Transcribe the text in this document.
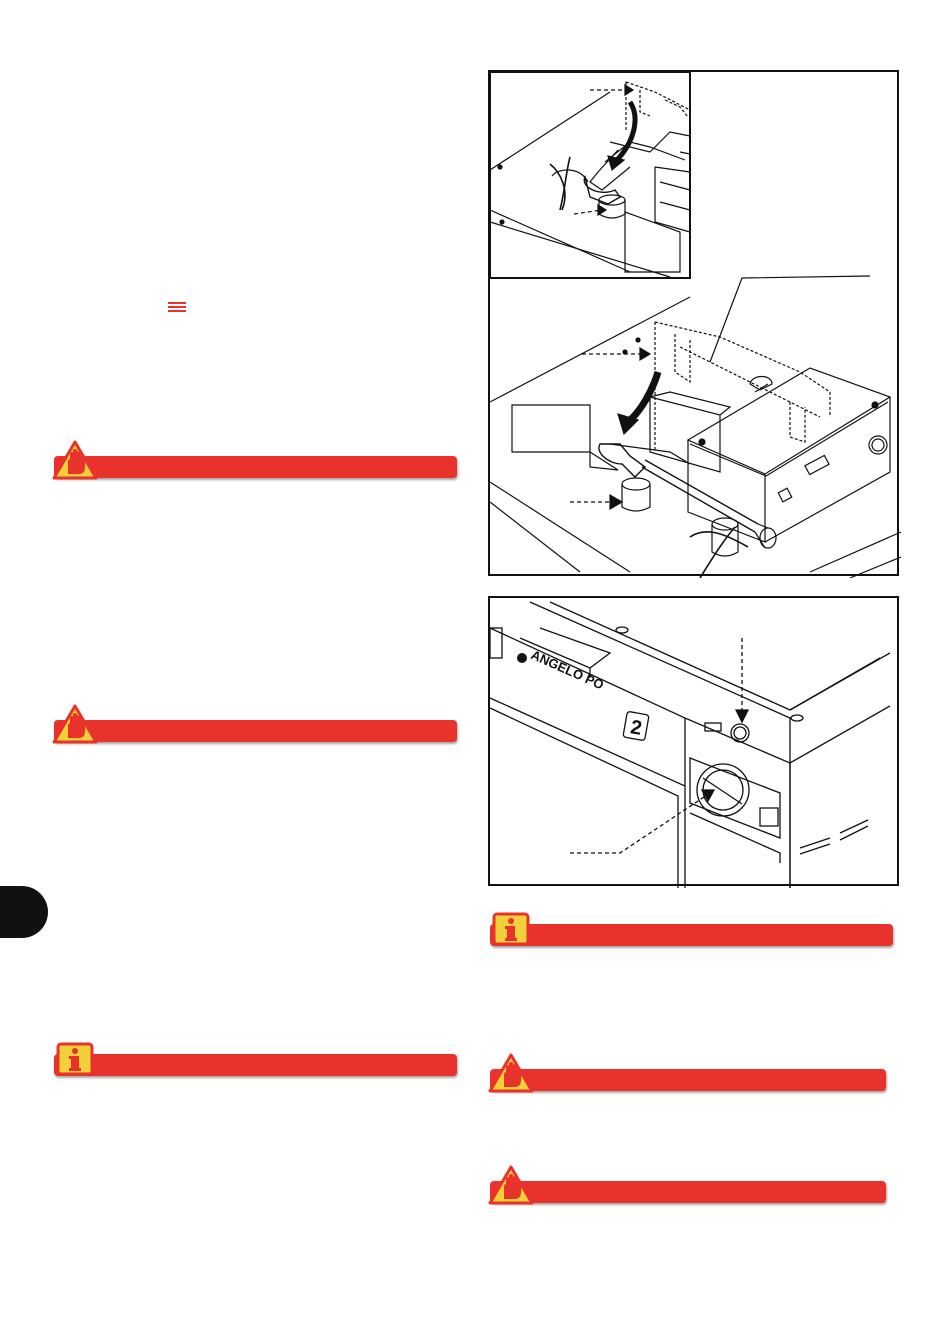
2
ANGELO PO
